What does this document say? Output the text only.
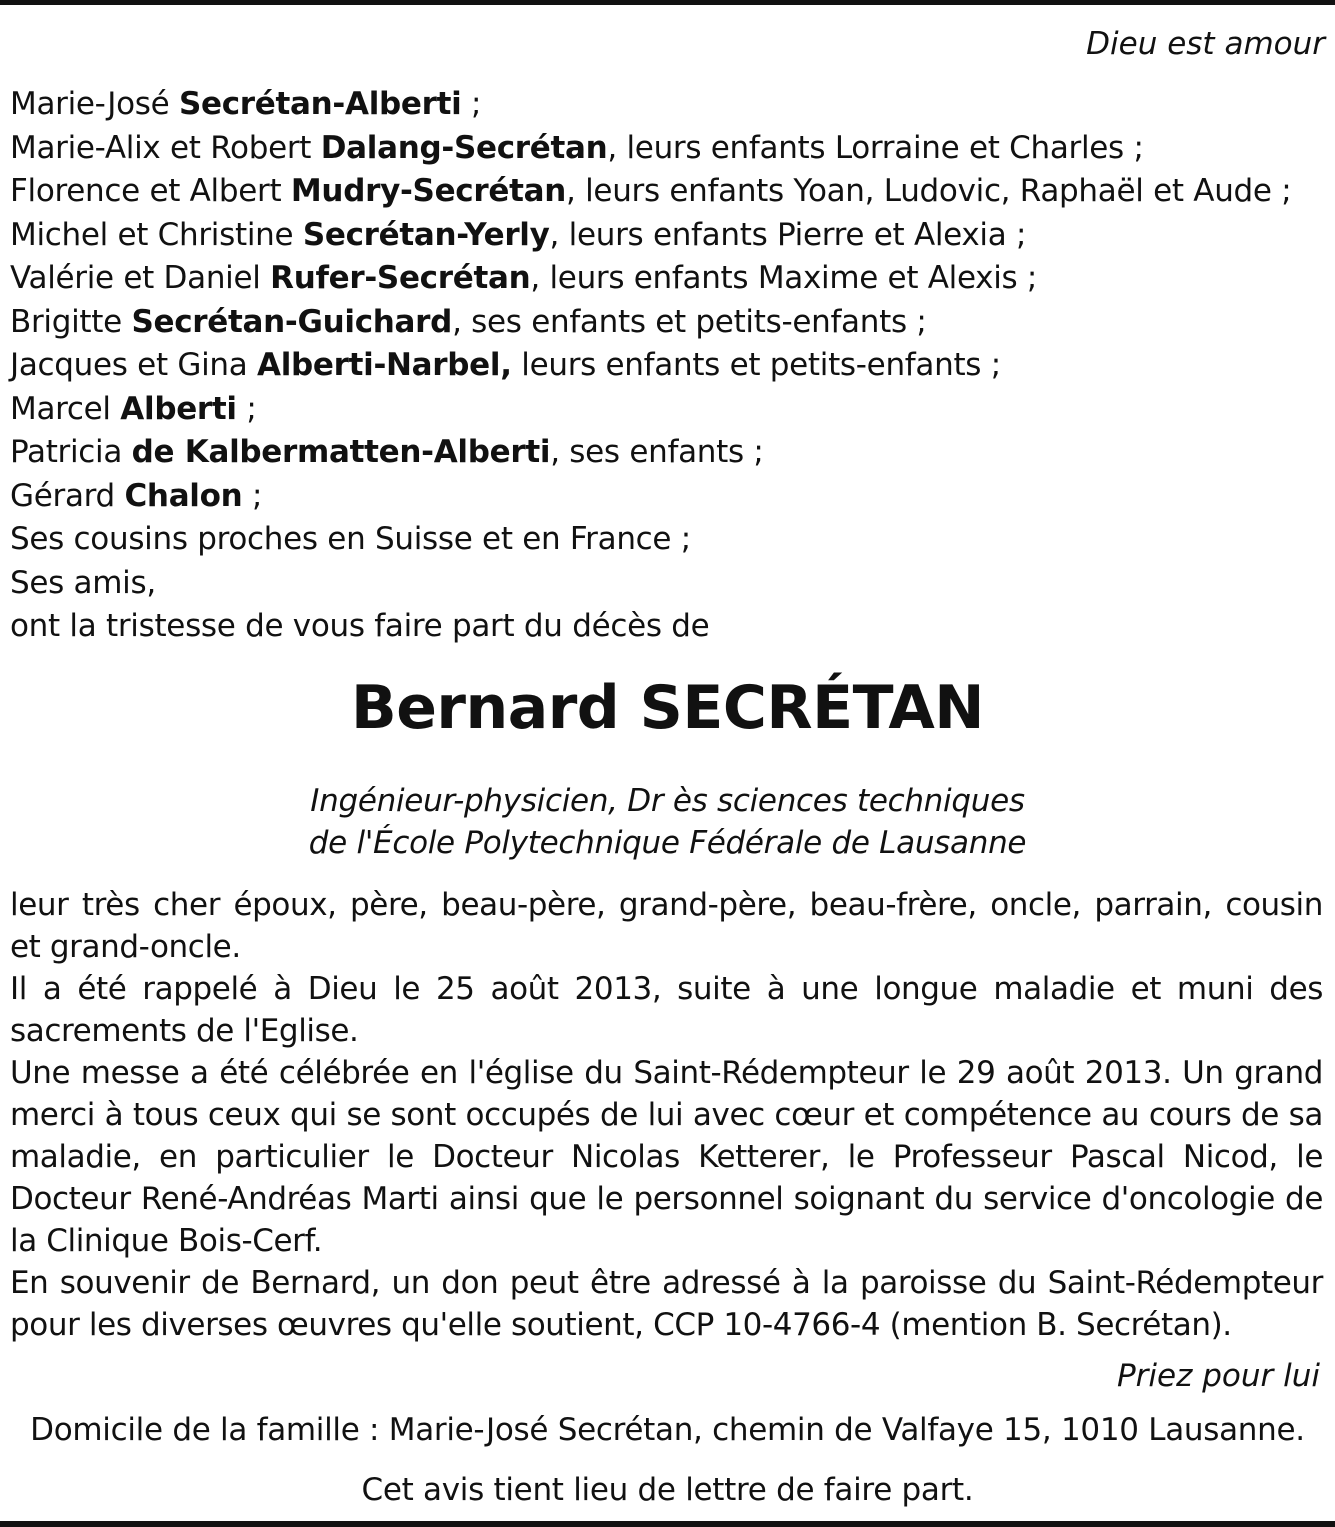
Dieu est amour
Marie-José Secrétan-Alberti ;
Marie-Alix et Robert Dalang-Secrétan, leurs enfants Lorraine et Charles ;
Florence et Albert Mudry-Secrétan, leurs enfants Yoan, Ludovic, Raphaël et Aude ;
Michel et Christine Secrétan-Yerly, leurs enfants Pierre et Alexia ;
Valérie et Daniel Rufer-Secrétan, leurs enfants Maxime et Alexis ;
Brigitte Secrétan-Guichard, ses enfants et petits-enfants ;
Jacques et Gina Alberti-Narbel, leurs enfants et petits-enfants ;
Marcel Alberti ;
Patricia de Kalbermatten-Alberti, ses enfants ;
Gérard Chalon ;
Ses cousins proches en Suisse et en France ;
Ses amis,
ont la tristesse de vous faire part du décès de
Bernard SECRÉTAN
Ingénieur-physicien, Dr ès sciences techniques
de l'École Polytechnique Fédérale de Lausanne

leur très cher époux, père, beau-père, grand-père, beau-frère, oncle, parrain, cousin et grand-oncle.

Il a été rappelé à Dieu le 25 août 2013, suite à une longue maladie et muni des sacrements de l'Eglise.

Une messe a été célébrée en l'église du Saint-Rédempteur le 29 août 2013. Un grand merci à tous ceux qui se sont occupés de lui avec cœur et compétence au cours de sa maladie, en particulier le Docteur Nicolas Ketterer, le Professeur Pascal Nicod, le Docteur René-Andréas Marti ainsi que le personnel soignant du service d'oncologie de la Clinique Bois-Cerf.

En souvenir de Bernard, un don peut être adressé à la paroisse du Saint-Rédempteur pour les diverses œuvres qu'elle soutient, CCP 10-4766-4 (mention B. Secrétan).

Priez pour lui
Domicile de la famille : Marie-José Secrétan, chemin de Valfaye 15, 1010 Lausanne.
Cet avis tient lieu de lettre de faire part.
